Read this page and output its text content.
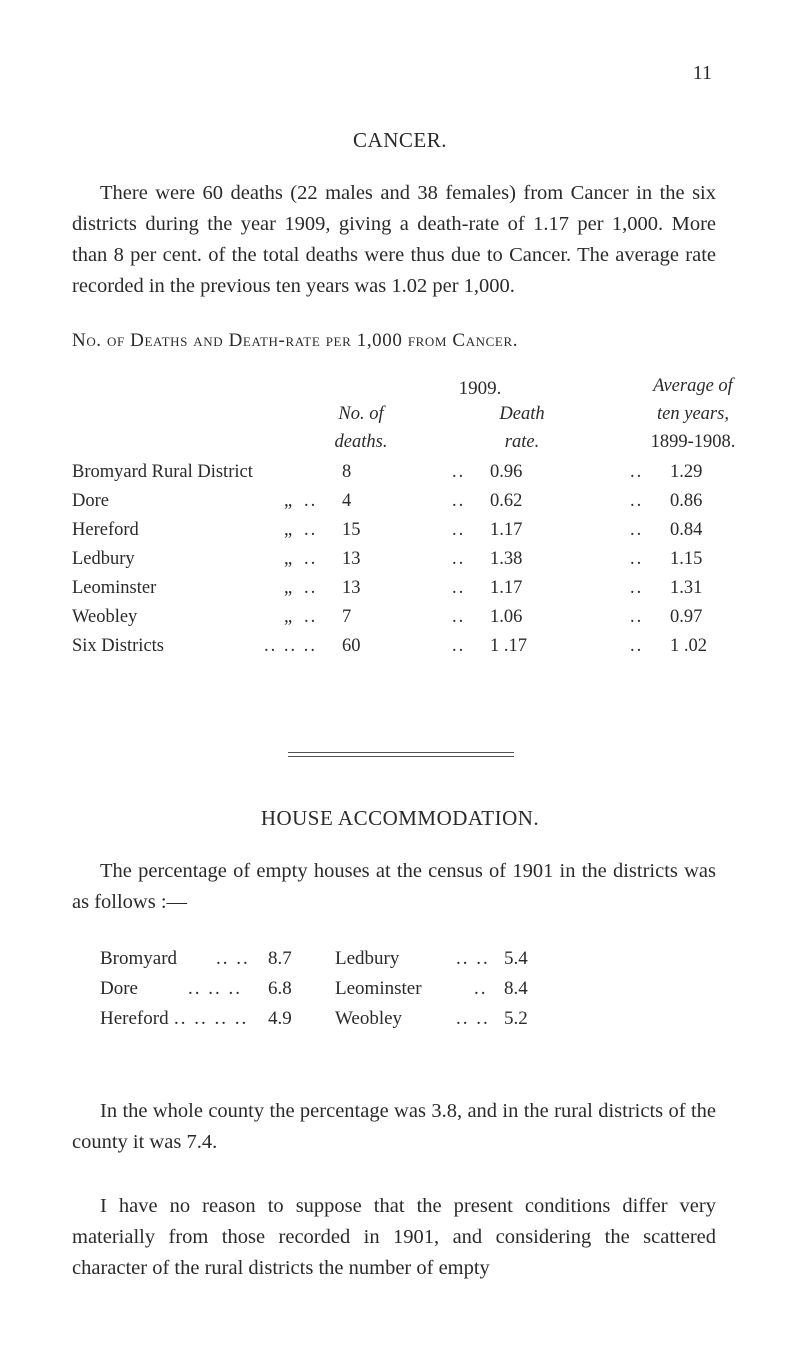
11
CANCER.
There were 60 deaths (22 males and 38 females) from Cancer in the six districts during the year 1909, giving a death-rate of 1.17 per 1,000. More than 8 per cent. of the total deaths were thus due to Cancer. The average rate recorded in the previous ten years was 1.02 per 1,000.
No. of Deaths and Death-rate per 1,000 from Cancer.
1909.
No. of
deaths.
Death
rate.
Average of
ten years,
1899-1908.
Bromyard Rural District	8	.. 0.96	.. 1.29
Dore	„ .. 4	.. 0.62	.. 0.86
Hereford	„ .. 15	.. 1.17	.. 0.84
Ledbury	„ .. 13	.. 1.38	.. 1.15
Leominster	„ .. 13	.. 1.17	.. 1.31
Weobley	„ .. 7	.. 1.06	.. 0.97
Six Districts	.. .. .. 60	.. 1 .17	.. 1 .02
HOUSE ACCOMMODATION.
The percentage of empty houses at the census of 1901 in the districts was as follows :—
Bromyard .. .. 8.7 Ledbury	.. .. 5.4
Dore	.. .. .. 6.8 Leominster	.. 8.4
Hereford .. .. .. .. 4.9 Weobley	.. .. 5.2
In the whole county the percentage was 3.8, and in the rural districts of the county it was 7.4.
I have no reason to suppose that the present conditions differ very materially from those recorded in 1901, and considering the scattered character of the rural districts the number of empty
